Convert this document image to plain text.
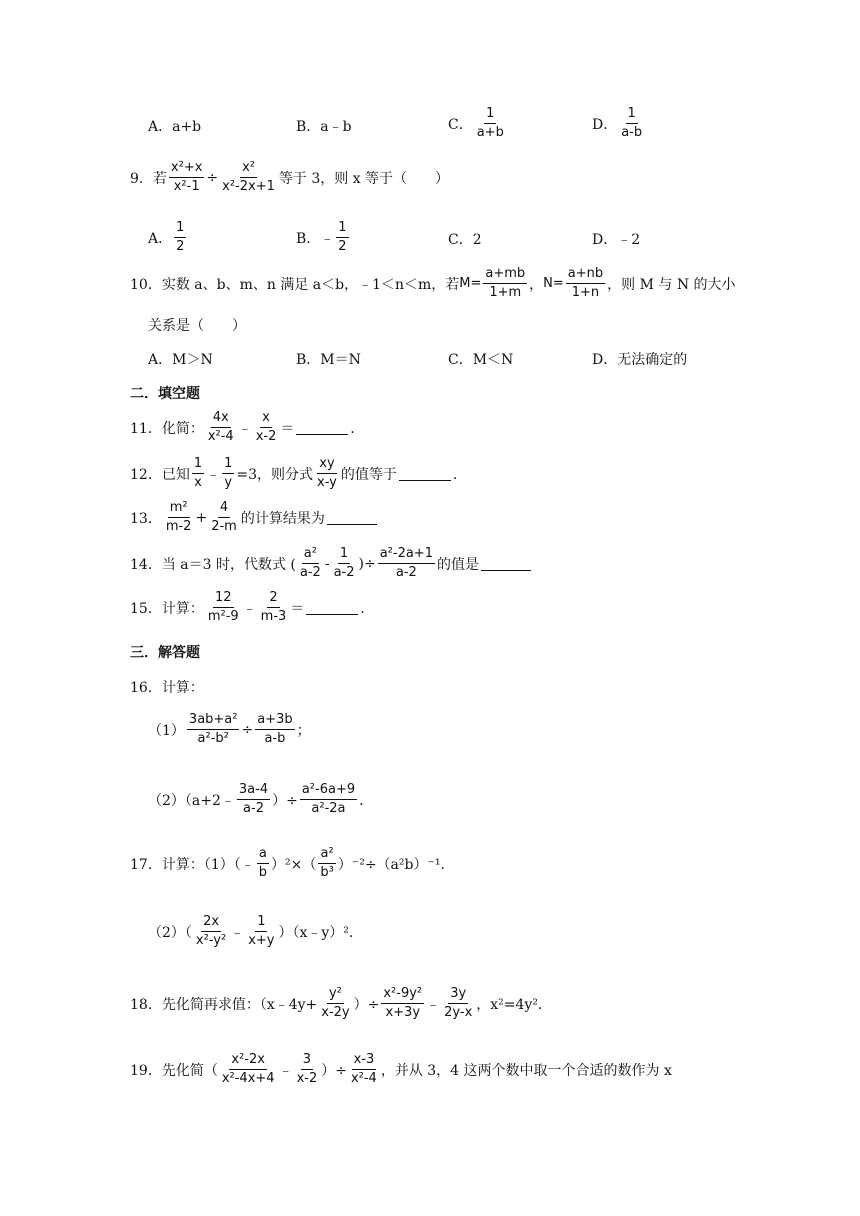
A．a+b	B．a﹣b	C． $\frac{1}{a+b}$	D． $\frac{1}{a-b}$
9．若 $\frac{\text{x²+x}}{\text{x²-1}} \div \frac{\text{x²}}{\text{x²-2x+1}}$ 等于 3，则 x 等于（　　）
A． $\frac{1}{2}$	B．﹣ $\frac{1}{2}$	C．2	D．﹣2
10．实数 a、b、m、n 满足 a＜b，﹣1＜n＜m，若 $M= \frac{a+mb}{1+m}$ ， $N= \frac{a+nb}{1+n}$ ，则 M 与 N 的大小
关系是（　　）
A．M＞N	B．M＝N	C．M＜N	D．无法确定的
二．填空题
11．化简： $\frac{4x}{\text{x²-4}}$ ﹣ $\frac{x}{x-2}$ ＝	．
12．已知 $\frac{1}{x}$ ﹣ $\frac{1}{y} =3$，则分式 $\frac{xy}{x-y}$ 的值等于	．
13． $\frac{\text{m²}}{m-2} + \frac{4}{2-m}$ 的计算结果为
14．当 a＝3 时，代数式 ( $\frac{\text{a²}}{a-2} - \frac{1}{a-2}$ )÷ $\frac{\text{a²-2a+1}}{a-2}$ 的值是
15．计算： $\frac{12}{\text{m²-9}}$ ﹣ $\frac{2}{m-3}$ ＝	．
三．解答题
16．计算：
$(1) \frac{\text{3ab+a²}}{\text{a²-b²}} \div \frac{a+3b}{a-b}$ ；
（2）（a+2﹣ $\frac{3a-4}{a-2}$ ）÷ $\frac{\text{a²-6a+9}}{\text{a²-2a}}$ ．
17．计算：（1）（﹣ $\frac{a}{b} )^2\times( \frac{\text{a²}}{\text{b³}} )^{-2}\div(a^2b)^{-1}$．
$(2)( \frac{2x}{\text{x²-y²}}$ ﹣ $\frac{1}{x+y}$ ）（x﹣y）²．
18．先化简再求值：（x﹣4y+ $\frac{\text{y²}}{x-2y}$ ）÷ $\frac{\text{x²-9y²}}{x+3y}$ ﹣ $\frac{3y}{2y-x}$ ，x²=4y²．
19．先化简（ $\frac{\text{x²-2x}}{\text{x²-4x+4}}$ ﹣ $\frac{3}{x-2}$ ）÷ $\frac{x-3}{\text{x²-4}}$ ，并从 3，4 这两个数中取一个合适的数作为 x
